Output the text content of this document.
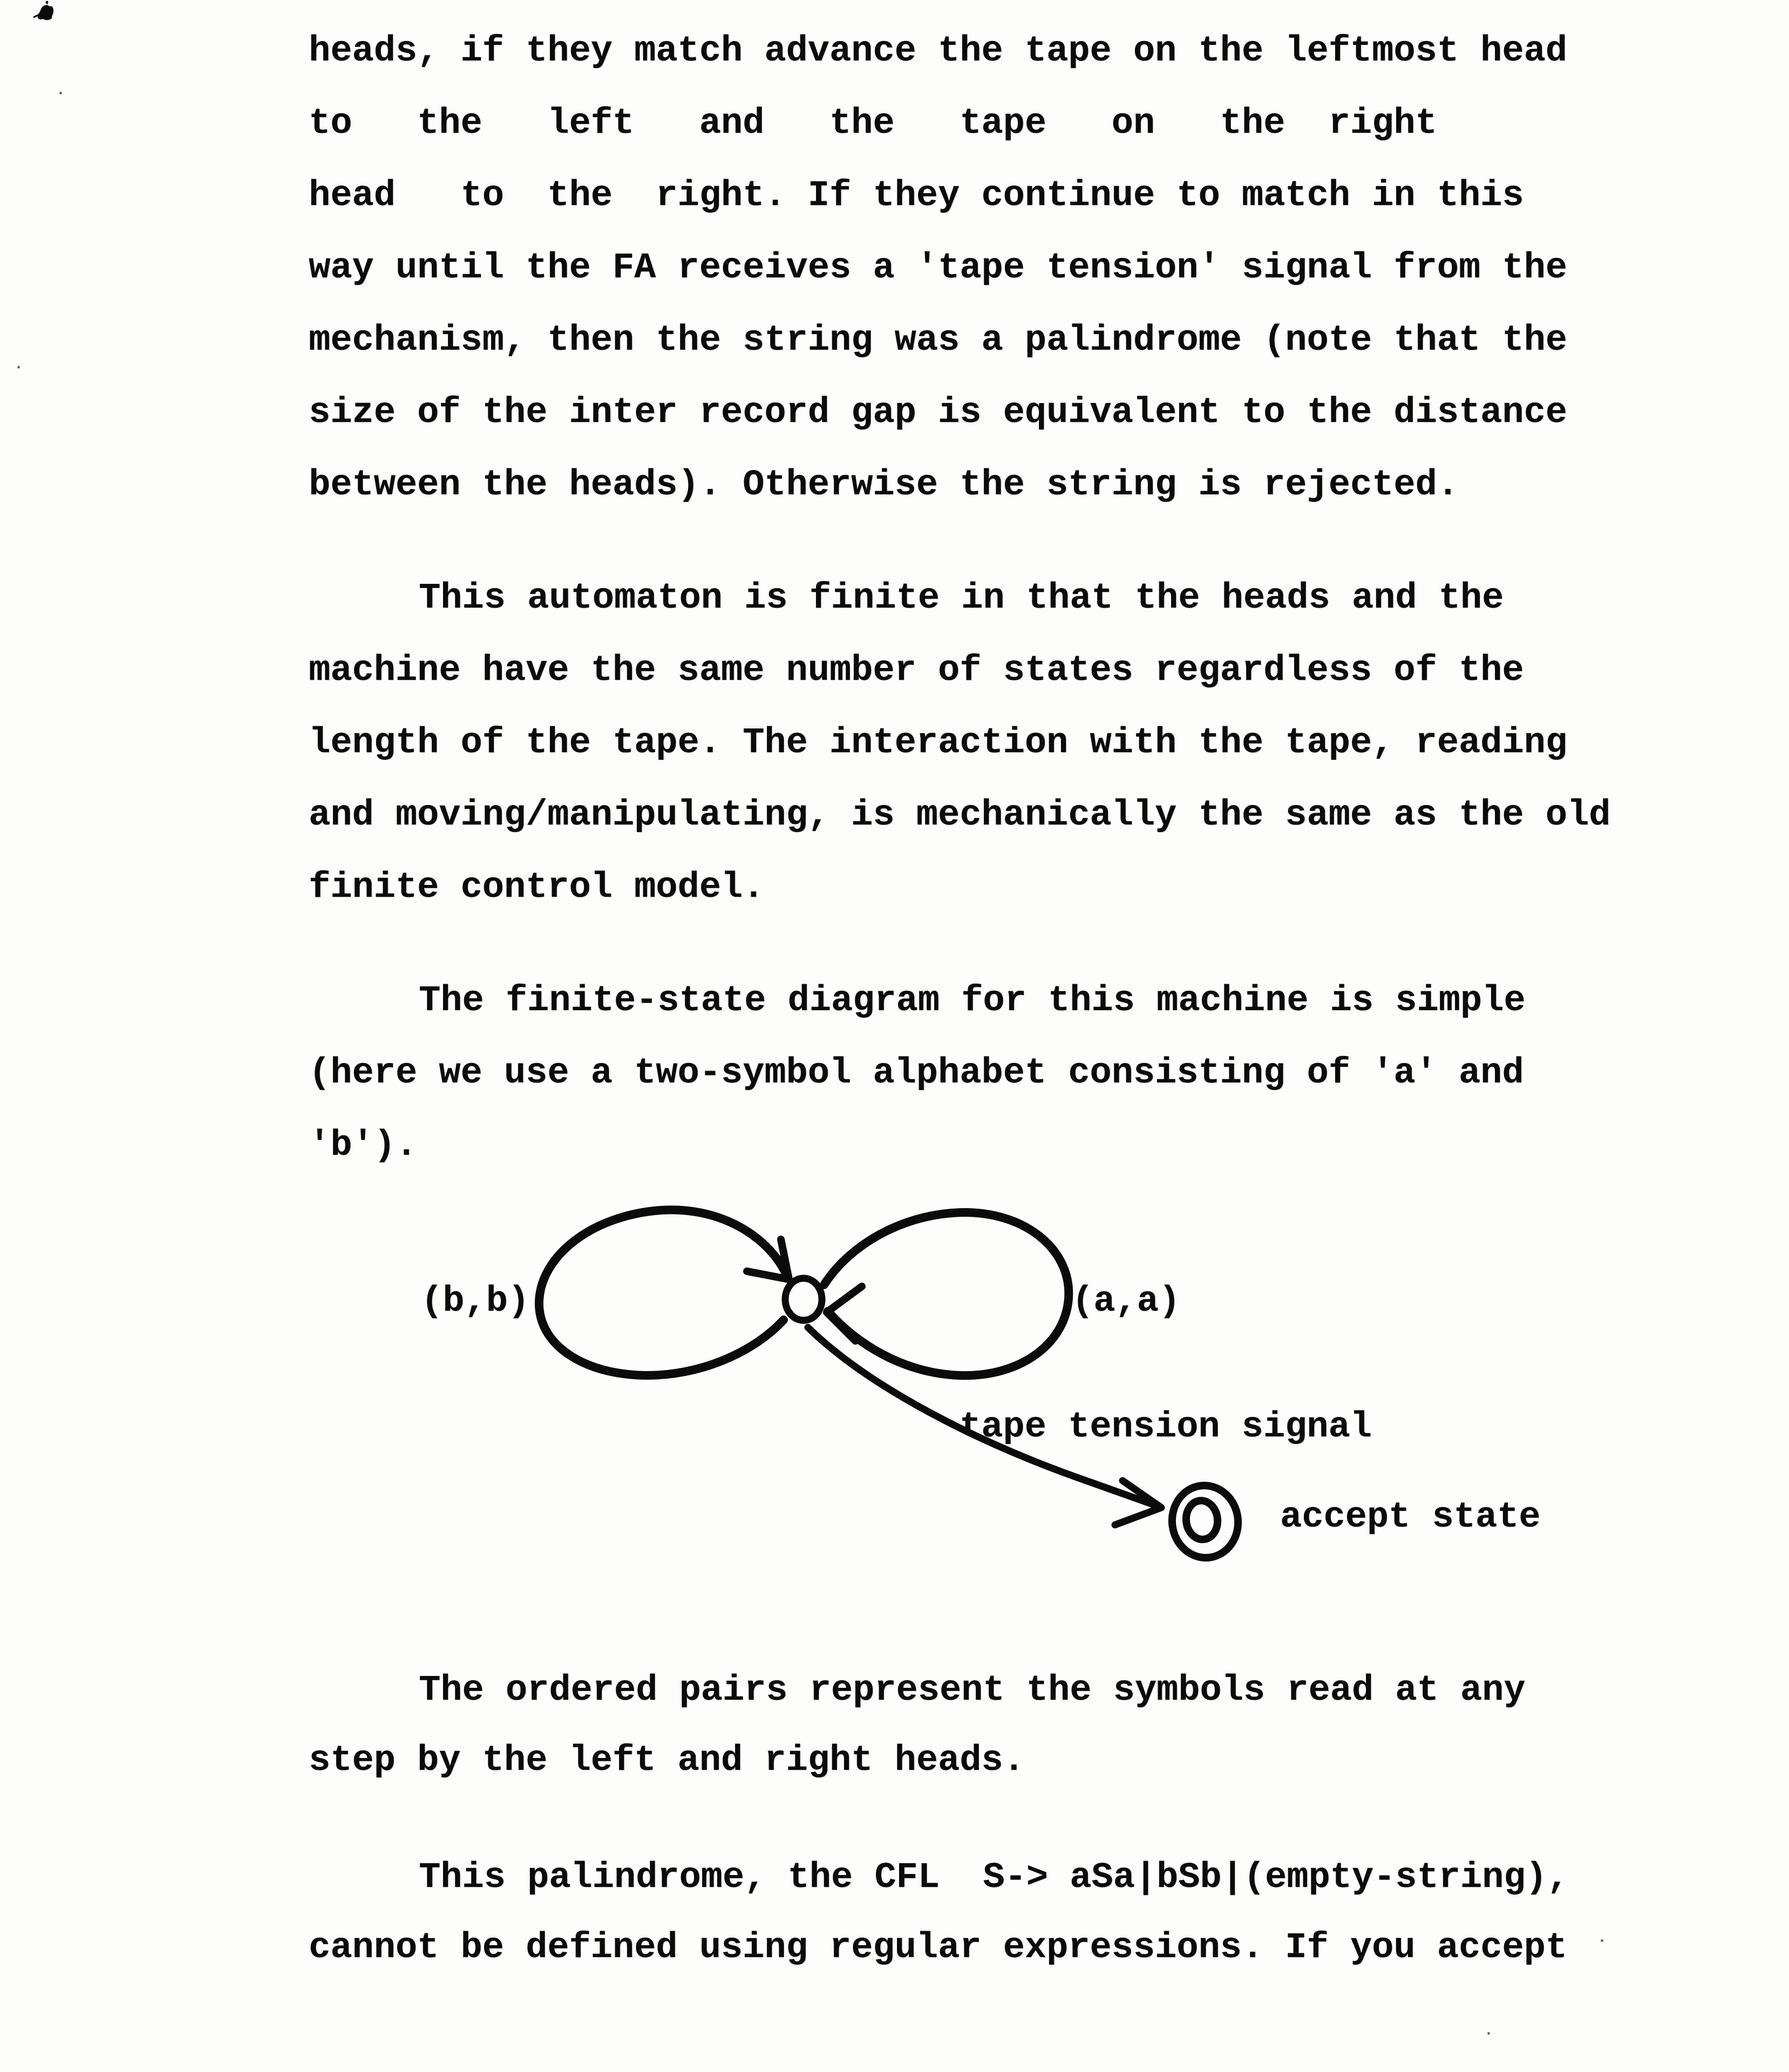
heads, if they match advance the tape on the leftmost head
to   the   left   and   the   tape   on   the  right
head   to  the  right. If they continue to match in this
way until the FA receives a 'tape tension' signal from the
mechanism, then the string was a palindrome (note that the
size of the inter record gap is equivalent to the distance
between the heads). Otherwise the string is rejected.
This automaton is finite in that the heads and the
machine have the same number of states regardless of the
length of the tape. The interaction with the tape, reading
and moving/manipulating, is mechanically the same as the old
finite control model.
The finite-state diagram for this machine is simple
(here we use a two-symbol alphabet consisting of 'a' and
'b').
(b,b)	(a,a)
tape tension signal
accept state
The ordered pairs represent the symbols read at any
step by the left and right heads.
This palindrome, the CFL  S-> aSa|bSb|(empty-string),
cannot be defined using regular expressions. If you accept
